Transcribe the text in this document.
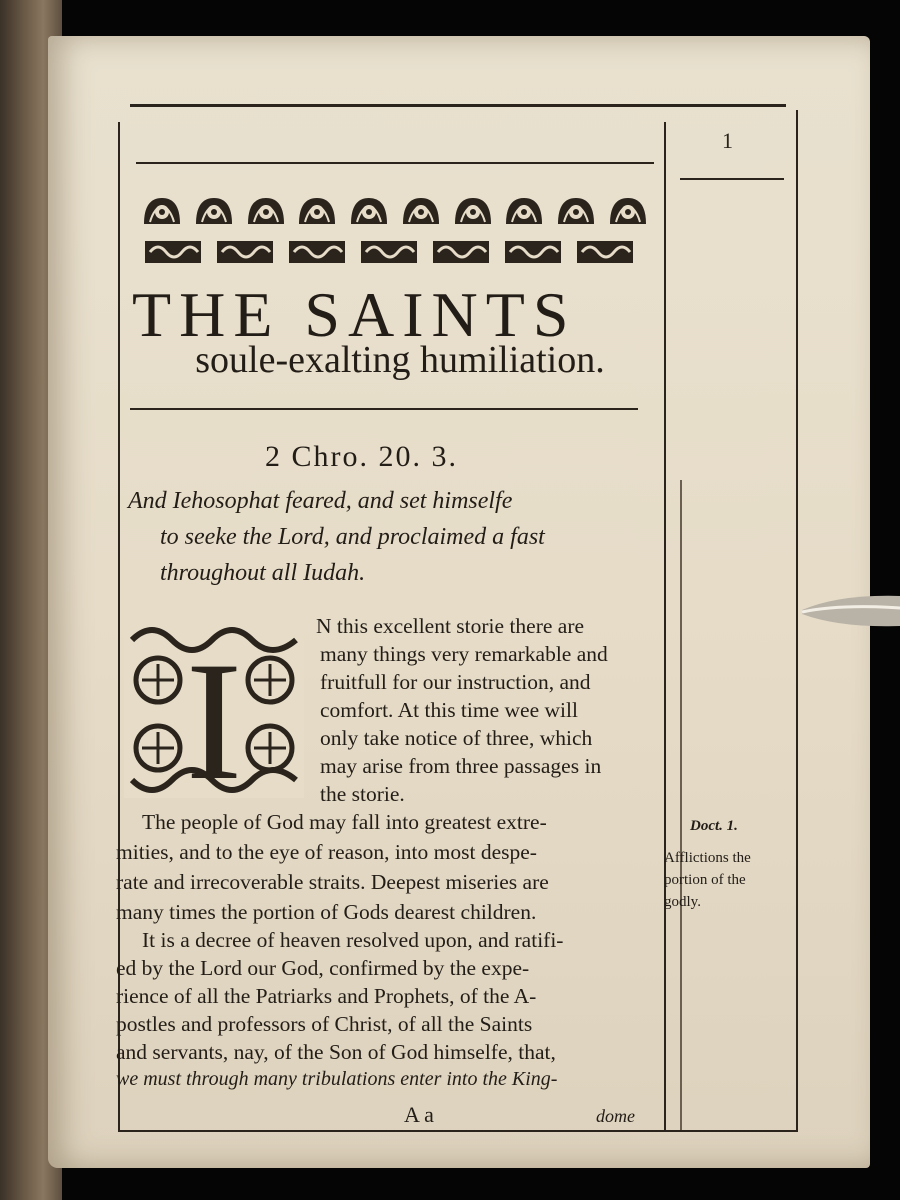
1
THE SAINTS
soule-exalting humiliation.
2 Chro. 20. 3.
And Iehosophat feared, and set himselfe
to seeke the Lord, and proclaimed a fast
throughout all Iudah.
I
N this excellent storie there are
many things very remarkable and
fruitfull for our instruction, and
comfort. At this time wee will
only take notice of three, which
may arise from three passages in
the storie.
The people of God may fall into greatest extre-
mities, and to the eye of reason, into most despe-
rate and irrecoverable straits. Deepest miseries are
many times the portion of Gods dearest children.
It is a decree of heaven resolved upon, and ratifi-
ed by the Lord our God, confirmed by the expe-
rience of all the Patriarks and Prophets, of the A-
postles and professors of Christ, of all the Saints
and servants, nay, of the Son of God himselfe, that,
we must through many tribulations enter into the King-
Doct. 1.
Afflictions the
portion of the
godly.
A a	dome
